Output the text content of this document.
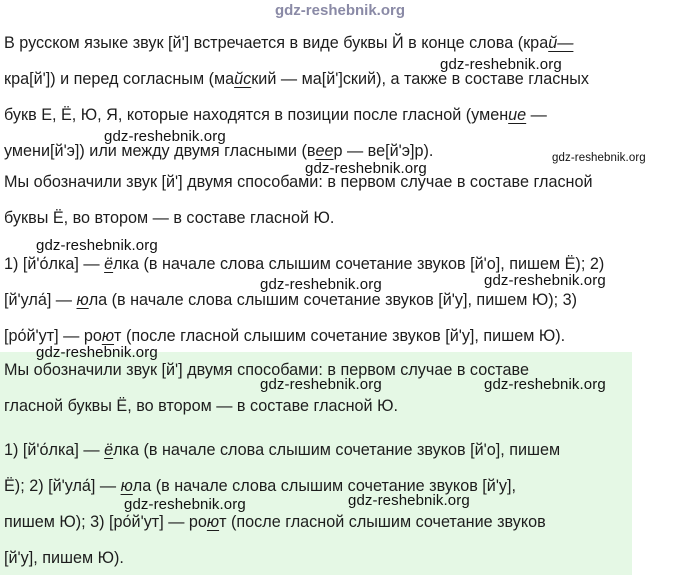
gdz-reshebnik.org
В русском языке звук [й'] встречается в виде буквы Й в конце слова (крaй—
кра[й']) и перед согласным (майский — ма[й']ский), а также в составе гласных
букв Е, Ё, Ю, Я, которые находятся в позиции после гласной (умение —
умени[й'э]) или между двумя гласными (веер — ве[й'э]р).
Мы обозначили звук [й'] двумя способами: в первом случае в составе гласной
буквы Ё, во втором — в составе гласной Ю.
1) [й'о́лка] — ёлка (в начале слова слышим сочетание звуков [й'о], пишем Ё); 2)
[й'ула́] — юла (в начале слова слышим сочетание звуков [й'у], пишем Ю); 3)
[ро́й'ут] — роют (после гласной слышим сочетание звуков [й'у], пишем Ю).
Мы обозначили звук [й'] двумя способами: в первом случае в составе
гласной буквы Ё, во втором — в составе гласной Ю.
1) [й'о́лка] — ёлка (в начале слова слышим сочетание звуков [й'о], пишем
Ё); 2) [й'ула́] — юла (в начале слова слышим сочетание звуков [й'у],
пишем Ю); 3) [ро́й'ут] — роют (после гласной слышим сочетание звуков
[й'у], пишем Ю).
gdz-reshebnik.org
gdz-reshebnik.org
gdz-reshebnik.org
gdz-reshebnik.org
gdz-reshebnik.org
gdz-reshebnik.org
gdz-reshebnik.org
gdz-reshebnik.org
gdz-reshebnik.org	gdz-reshebnik.org
gdz-reshebnik.org	gdz-reshebnik.org
